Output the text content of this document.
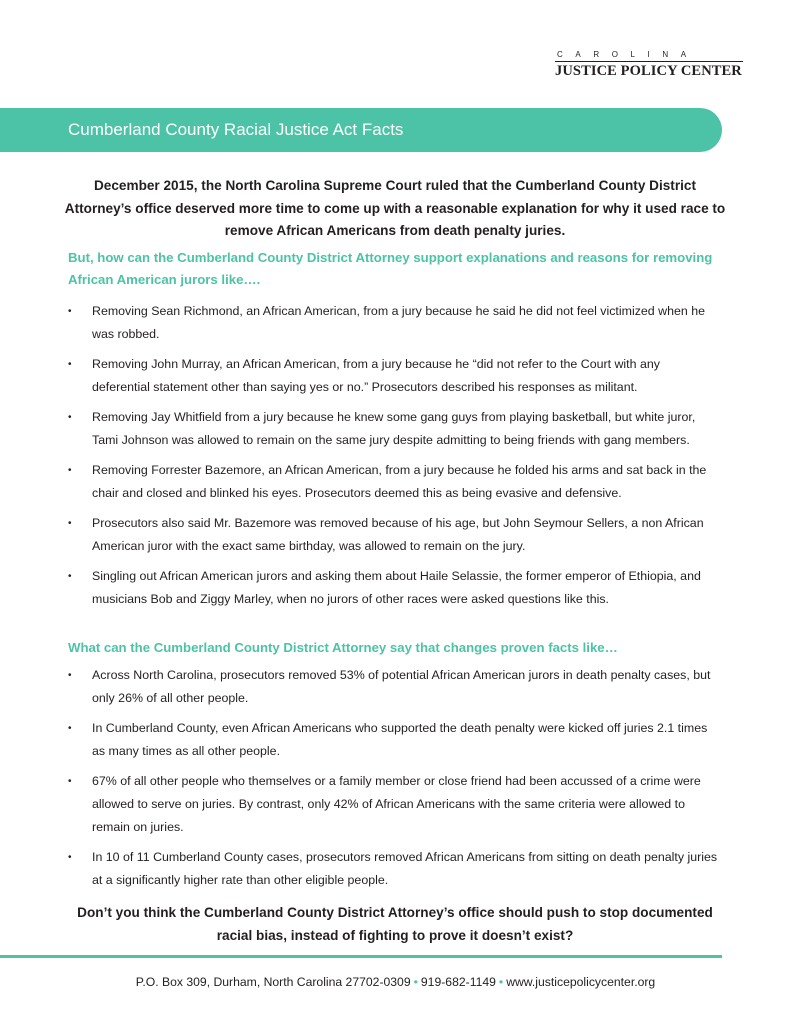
CAROLINA
JUSTICE POLICY CENTER
Cumberland County Racial Justice Act Facts
December 2015, the North Carolina Supreme Court ruled that the Cumberland County District Attorney’s office deserved more time to come up with a reasonable explanation for why it used race to remove African Americans from death penalty juries.
But, how can the Cumberland County District Attorney support explanations and reasons for removing African American jurors like….
• Removing Sean Richmond, an African American, from a jury because he said he did not feel victimized when he was robbed.
• Removing John Murray, an African American, from a jury because he “did not refer to the Court with any deferential statement other than saying yes or no.” Prosecutors described his responses as militant.
• Removing Jay Whitfield from a jury because he knew some gang guys from playing basketball, but white juror, Tami Johnson was allowed to remain on the same jury despite admitting to being friends with gang members.
• Removing Forrester Bazemore, an African American, from a jury because he folded his arms and sat back in the chair and closed and blinked his eyes. Prosecutors deemed this as being evasive and defensive.
• Prosecutors also said Mr. Bazemore was removed because of his age, but John Seymour Sellers, a non African American juror with the exact same birthday, was allowed to remain on the jury.
• Singling out African American jurors and asking them about Haile Selassie, the former emperor of Ethiopia, and musicians Bob and Ziggy Marley, when no jurors of other races were asked questions like this.
What can the Cumberland County District Attorney say that changes proven facts like…
• Across North Carolina, prosecutors removed 53% of potential African American jurors in death penalty cases, but only 26% of all other people.
• In Cumberland County, even African Americans who supported the death penalty were kicked off juries 2.1 times as many times as all other people.
• 67% of all other people who themselves or a family member or close friend had been accussed of a crime were allowed to serve on juries. By contrast, only 42% of African Americans with the same criteria were allowed to remain on juries.
• In 10 of 11 Cumberland County cases, prosecutors removed African Americans from sitting on death penalty juries at a significantly higher rate than other eligible people.
Don’t you think the Cumberland County District Attorney’s office should push to stop documented racial bias, instead of fighting to prove it doesn’t exist?
P.O. Box 309, Durham, North Carolina 27702-0309 • 919-682-1149 • www.justicepolicycenter.org
